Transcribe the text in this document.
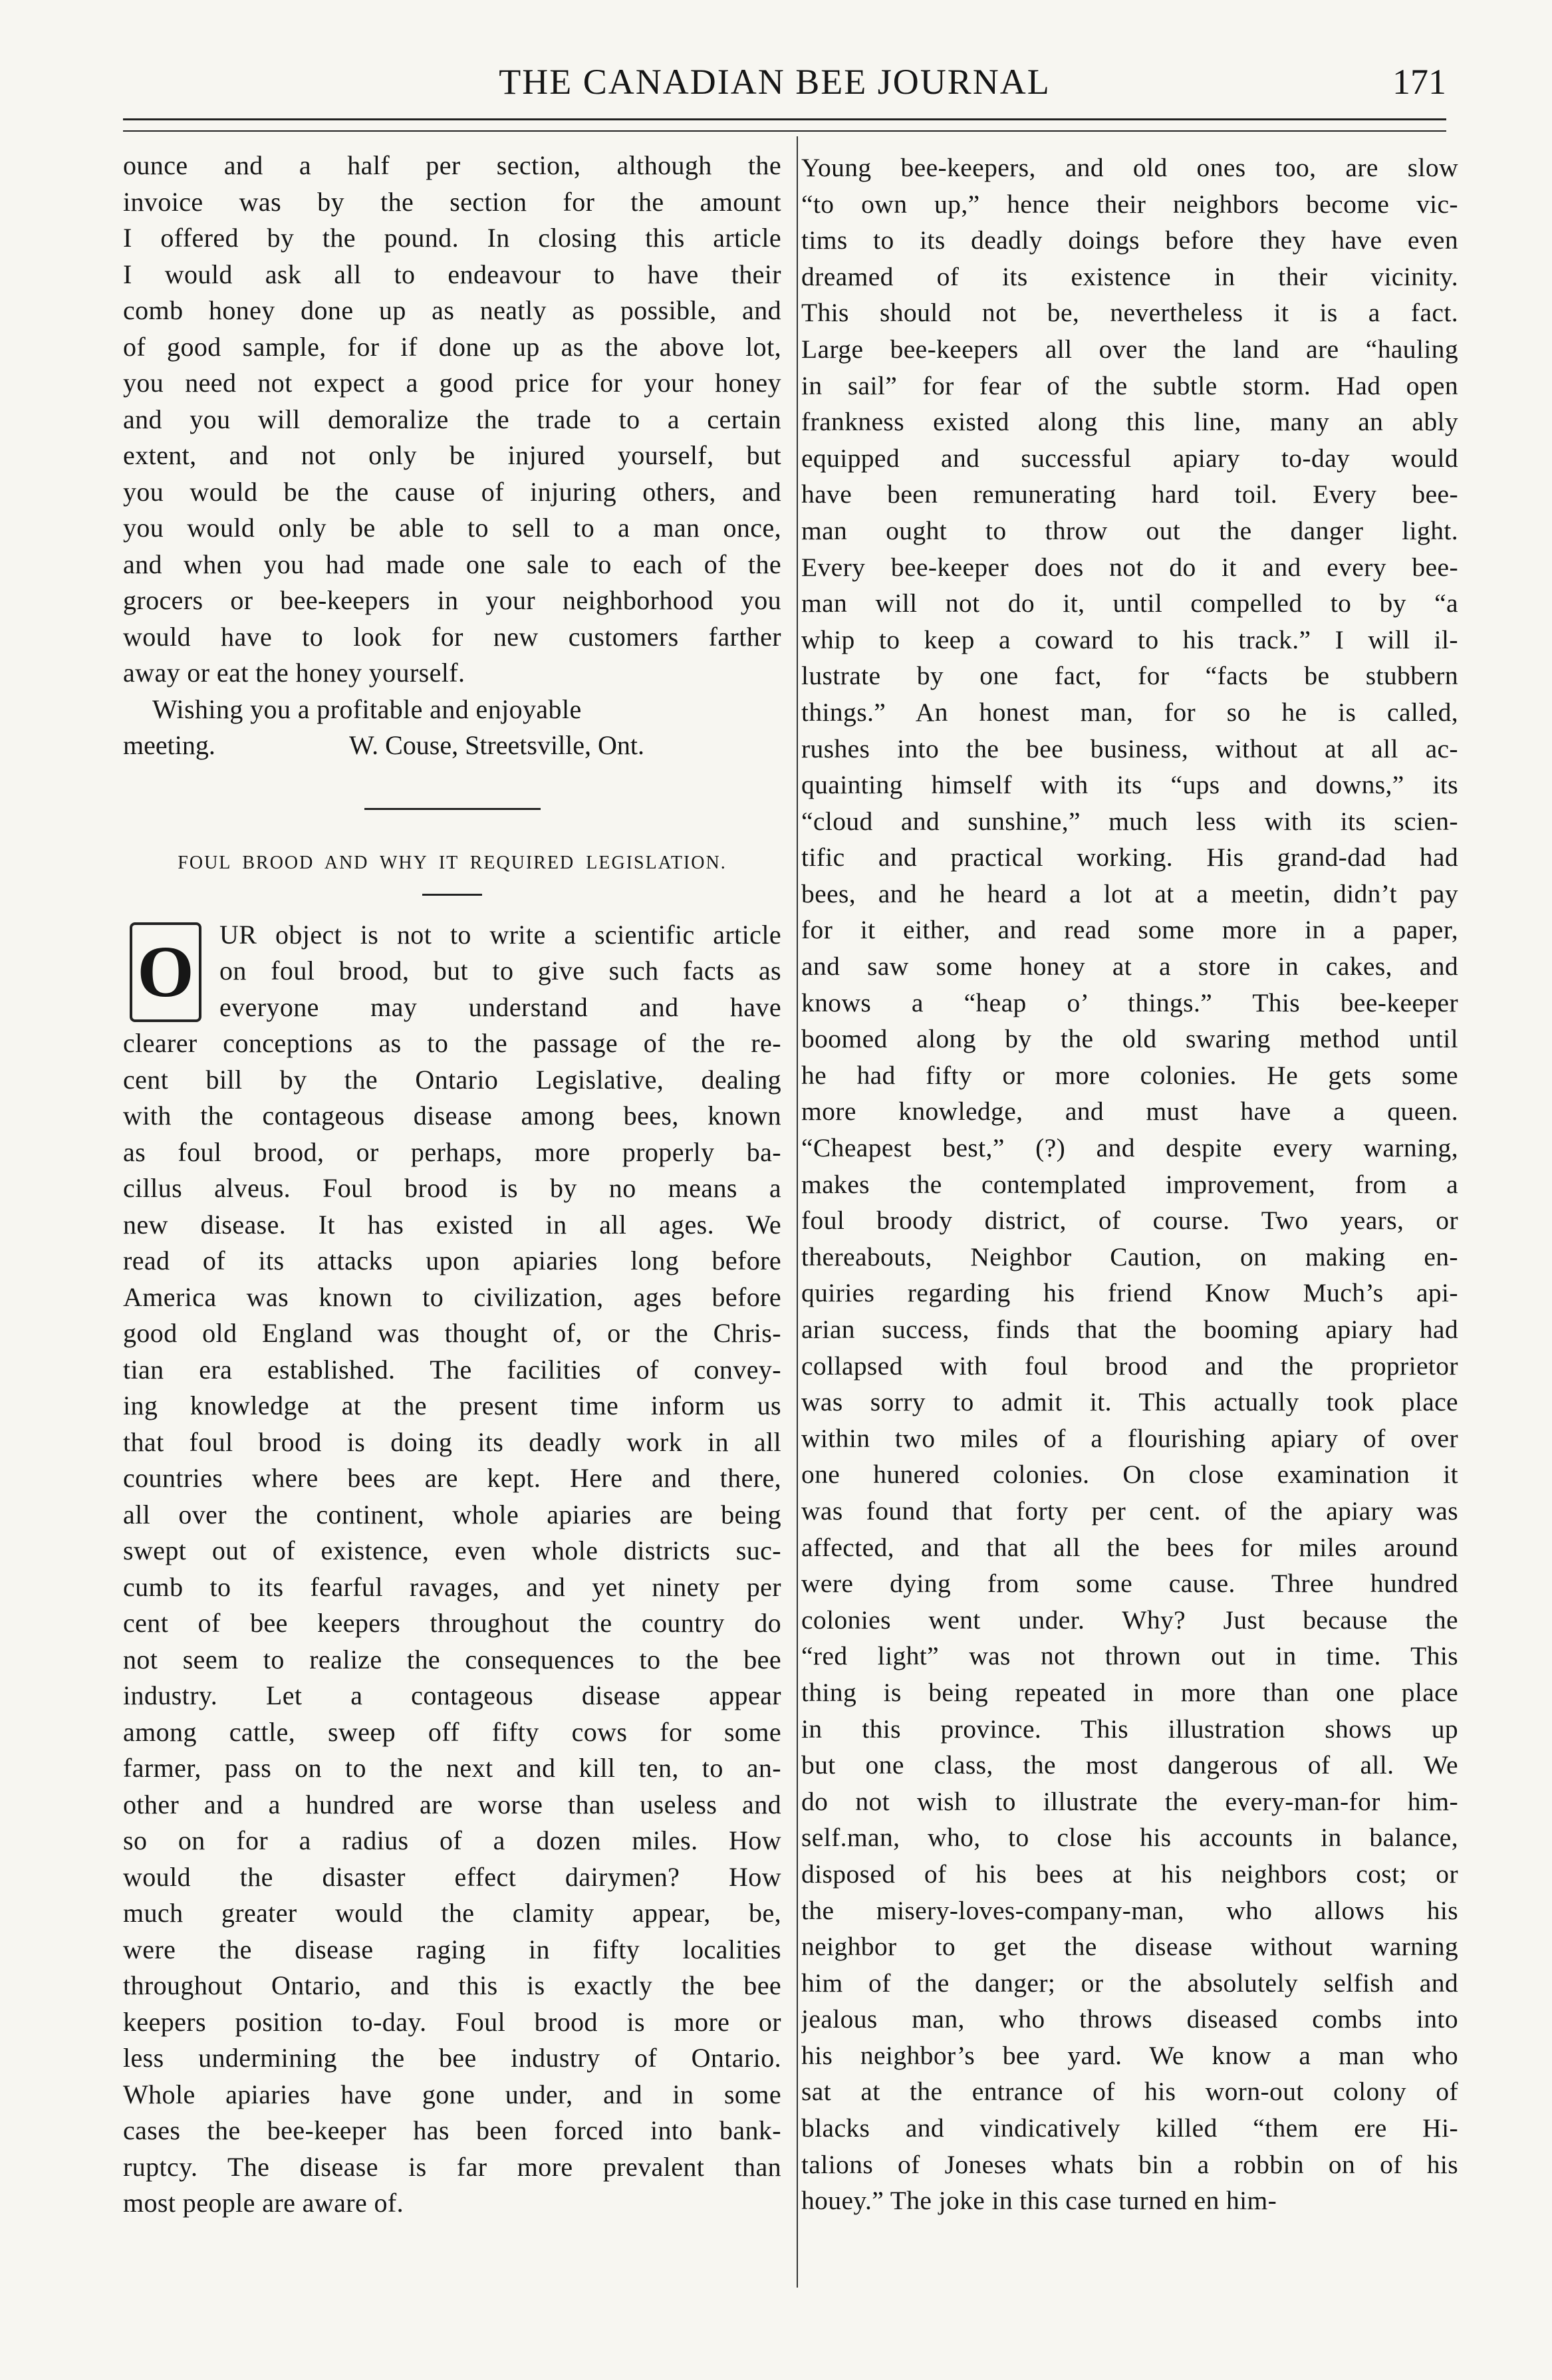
THE CANADIAN BEE JOURNAL	171
ounce and a half per section, although the
invoice was by the section for the amount
I offered by the pound. In closing this article
I would ask all to endeavour to have their
comb honey done up as neatly as possible, and
of good sample, for if done up as the above lot,
you need not expect a good price for your honey
and you will demoralize the trade to a certain
extent, and not only be injured yourself, but
you would be the cause of injuring others, and
you would only be able to sell to a man once,
and when you had made one sale to each of the
grocers or bee-keepers in your neighborhood you
would have to look for new customers farther
away or eat the honey yourself.
Wishing you a profitable and enjoyable
meeting.	W. Couse, Streetsville, Ont.
FOUL BROOD AND WHY IT REQUIRED LEGISLATION.
O UR object is not to write a scientific article
on foul brood, but to give such facts as
everyone may understand and have
clearer conceptions as to the passage of the re-
cent bill by the Ontario Legislative, dealing
with the contageous disease among bees, known
as foul brood, or perhaps, more properly ba-
cillus alveus. Foul brood is by no means a
new disease. It has existed in all ages. We
read of its attacks upon apiaries long before
America was known to civilization, ages before
good old England was thought of, or the Chris-
tian era established. The facilities of convey-
ing knowledge at the present time inform us
that foul brood is doing its deadly work in all
countries where bees are kept. Here and there,
all over the continent, whole apiaries are being
swept out of existence, even whole districts suc-
cumb to its fearful ravages, and yet ninety per
cent of bee keepers throughout the country do
not seem to realize the consequences to the bee
industry. Let a contageous disease appear
among cattle, sweep off fifty cows for some
farmer, pass on to the next and kill ten, to an-
other and a hundred are worse than useless and
so on for a radius of a dozen miles. How
would the disaster effect dairymen? How
much greater would the clamity appear, be,
were the disease raging in fifty localities
throughout Ontario, and this is exactly the bee
keepers position to-day. Foul brood is more or
less undermining the bee industry of Ontario.
Whole apiaries have gone under, and in some
cases the bee-keeper has been forced into bank-
ruptcy. The disease is far more prevalent than
most people are aware of.
Young bee-keepers, and old ones too, are slow
“to own up,” hence their neighbors become vic-
tims to its deadly doings before they have even
dreamed of its existence in their vicinity.
This should not be, nevertheless it is a fact.
Large bee-keepers all over the land are “hauling
in sail” for fear of the subtle storm. Had open
frankness existed along this line, many an ably
equipped and successful apiary to-day would
have been remunerating hard toil. Every bee-
man ought to throw out the danger light.
Every bee-keeper does not do it and every bee-
man will not do it, until compelled to by “a
whip to keep a coward to his track.” I will il-
lustrate by one fact, for “facts be stubbern
things.” An honest man, for so he is called,
rushes into the bee business, without at all ac-
quainting himself with its “ups and downs,” its
“cloud and sunshine,” much less with its scien-
tific and practical working. His grand-dad had
bees, and he heard a lot at a meetin, didn’t pay
for it either, and read some more in a paper,
and saw some honey at a store in cakes, and
knows a “heap o’ things.” This bee-keeper
boomed along by the old swaring method until
he had fifty or more colonies. He gets some
more knowledge, and must have a queen.
“Cheapest best,” (?) and despite every warning,
makes the contemplated improvement, from a
foul broody district, of course. Two years, or
thereabouts, Neighbor Caution, on making en-
quiries regarding his friend Know Much’s api-
arian success, finds that the booming apiary had
collapsed with foul brood and the proprietor
was sorry to admit it. This actually took place
within two miles of a flourishing apiary of over
one hunered colonies. On close examination it
was found that forty per cent. of the apiary was
affected, and that all the bees for miles around
were dying from some cause. Three hundred
colonies went under. Why? Just because the
“red light” was not thrown out in time. This
thing is being repeated in more than one place
in this province. This illustration shows up
but one class, the most dangerous of all. We
do not wish to illustrate the every-man-for him-
self.man, who, to close his accounts in balance,
disposed of his bees at his neighbors cost; or
the misery-loves-company-man, who allows his
neighbor to get the disease without warning
him of the danger; or the absolutely selfish and
jealous man, who throws diseased combs into
his neighbor’s bee yard. We know a man who
sat at the entrance of his worn-out colony of
blacks and vindicatively killed “them ere Hi-
talions of Joneses whats bin a robbin on of his
houey.” The joke in this case turned en him-
